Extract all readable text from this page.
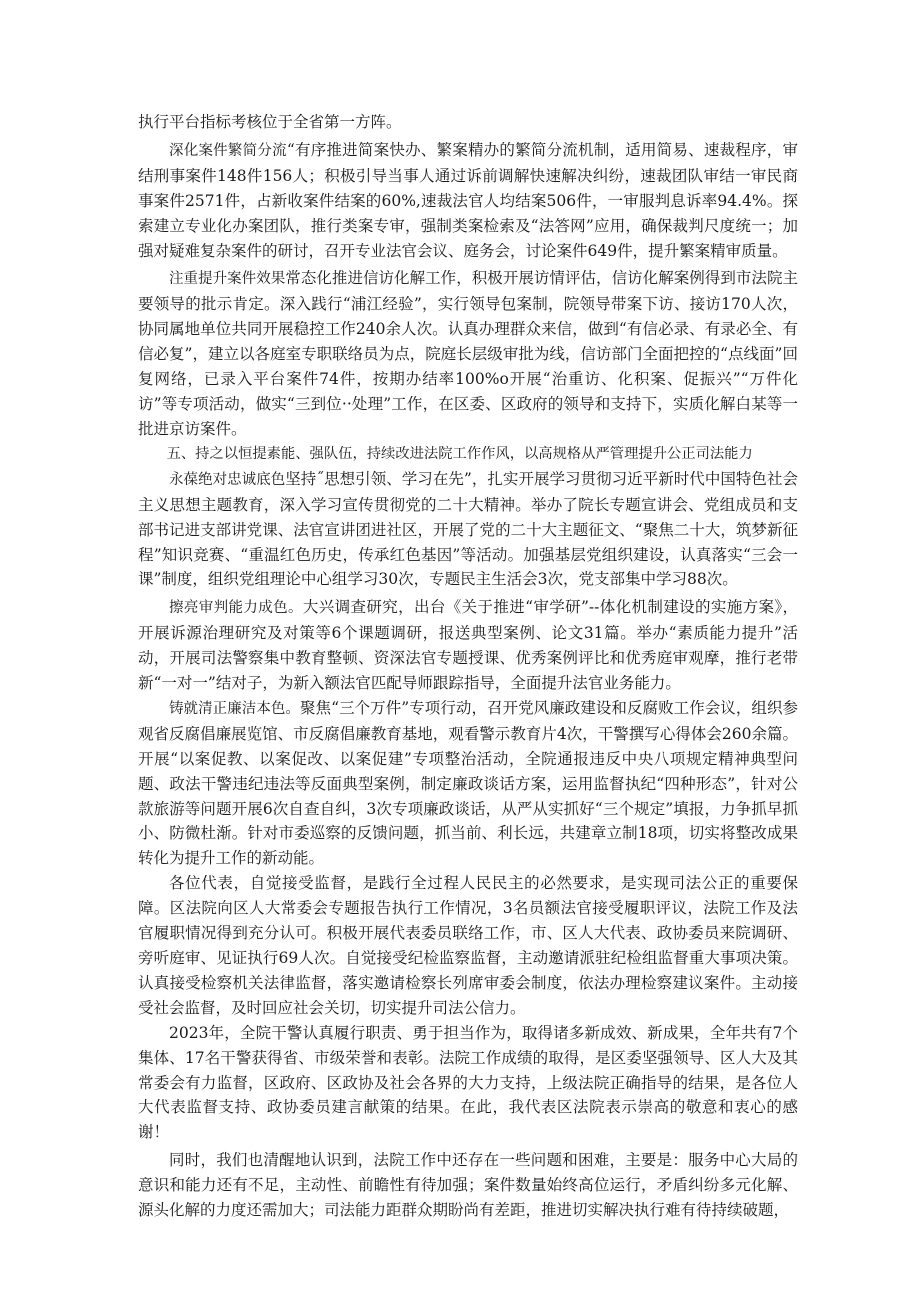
执行平台指标考核位于全省第一方阵。

深化案件繁简分流“有序推进简案快办、繁案精办的繁简分流机制，适用简易、速裁程序，审结刑事案件148件156人；积极引导当事人通过诉前调解快速解决纠纷，速裁团队审结一审民商事案件2571件，占新收案件结案的60%,速裁法官人均结案506件，一审服判息诉率94.4%。探索建立专业化办案团队，推行类案专审，强制类案检索及“法答网”应用，确保裁判尺度统一；加强对疑难复杂案件的研讨，召开专业法官会议、庭务会，讨论案件649件，提升繁案精审质量。

注重提升案件效果常态化推进信访化解工作，积极开展访情评估，信访化解案例得到市法院主要领导的批示肯定。深入践行“浦江经验”，实行领导包案制，院领导带案下访、接访170人次，协同属地单位共同开展稳控工作240余人次。认真办理群众来信，做到“有信必录、有录必全、有信必复”，建立以各庭室专职联络员为点，院庭长层级审批为线，信访部门全面把控的“点线面”回复网络，已录入平台案件74件，按期办结率100%o开展“治重访、化积案、促振兴”“万件化访”等专项活动，做实“三到位··处理”工作，在区委、区政府的领导和支持下，实质化解白某等一批进京访案件。

五、持之以恒提素能、强队伍，持续改进法院工作作风，以高规格从严管理提升公正司法能力

永葆绝对忠诚底色坚持˝思想引领、学习在先”，扎实开展学习贯彻习近平新时代中国特色社会主义思想主题教育，深入学习宣传贯彻党的二十大精神。举办了院长专题宣讲会、党组成员和支部书记进支部讲党课、法官宣讲团进社区，开展了党的二十大主题征文、“聚焦二十大，筑梦新征程”知识竞赛、“重温红色历史，传承红色基因”等活动。加强基层党组织建设，认真落实“三会一课”制度，组织党组理论中心组学习30次，专题民主生活会3次，党支部集中学习88次。

擦亮审判能力成色。大兴调查研究，出台《关于推进“审学研”--体化机制建设的实施方案》，开展诉源治理研究及对策等6个课题调研，报送典型案例、论文31篇。举办“素质能力提升”活动，开展司法警察集中教育整顿、资深法官专题授课、优秀案例评比和优秀庭审观摩，推行老带新“一对一”结对子，为新入额法官匹配导师跟踪指导，全面提升法官业务能力。

铸就清正廉洁本色。聚焦“三个万件”专项行动，召开党风廉政建设和反腐败工作会议，组织参观省反腐倡廉展览馆、市反腐倡廉教育基地，观看警示教育片4次，干警撰写心得体会260余篇。开展“以案促教、以案促改、以案促建”专项整治活动，全院通报违反中央八项规定精神典型问题、政法干警违纪违法等反面典型案例，制定廉政谈话方案，运用监督执纪“四种形态”，针对公款旅游等问题开展6次自查自纠，3次专项廉政谈话，从严从实抓好“三个规定”填报，力争抓早抓小、防微杜渐。针对市委巡察的反馈问题，抓当前、利长远，共建章立制18项，切实将整改成果转化为提升工作的新动能。

各位代表，自觉接受监督，是践行全过程人民民主的必然要求，是实现司法公正的重要保障。区法院向区人大常委会专题报告执行工作情况，3名员额法官接受履职评议，法院工作及法官履职情况得到充分认可。积极开展代表委员联络工作，市、区人大代表、政协委员来院调研、旁听庭审、见证执行69人次。自觉接受纪检监察监督，主动邀请派驻纪检组监督重大事项决策。认真接受检察机关法律监督，落实邀请检察长列席审委会制度，依法办理检察建议案件。主动接受社会监督，及时回应社会关切，切实提升司法公信力。

2023年，全院干警认真履行职责、勇于担当作为，取得诸多新成效、新成果，全年共有7个集体、17名干警获得省、市级荣誉和表彰。法院工作成绩的取得，是区委坚强领导、区人大及其常委会有力监督，区政府、区政协及社会各界的大力支持，上级法院正确指导的结果，是各位人大代表监督支持、政协委员建言献策的结果。在此，我代表区法院表示崇高的敬意和衷心的感谢！

同时，我们也清醒地认识到，法院工作中还存在一些问题和困难，主要是：服务中心大局的意识和能力还有不足，主动性、前瞻性有待加强；案件数量始终高位运行，矛盾纠纷多元化解、源头化解的力度还需加大；司法能力距群众期盼尚有差距，推进切实解决执行难有待持续破题，
